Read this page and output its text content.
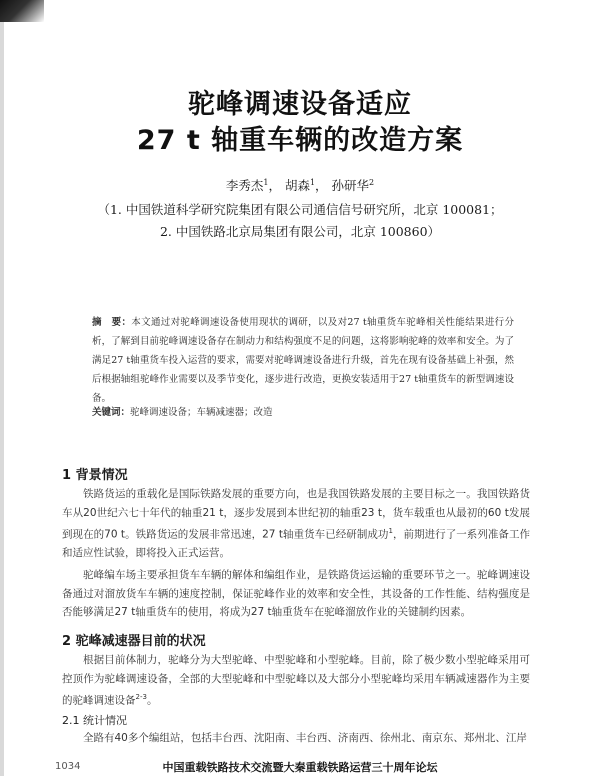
驼峰调速设备适应
27 t 轴重车辆的改造方案
李秀杰$^1$， 胡森$^1$， 孙研华$^2$
（1. 中国铁道科学研究院集团有限公司通信信号研究所，北京 100081；
2. 中国铁路北京局集团有限公司，北京 100860）
摘　要：本文通过对驼峰调速设备使用现状的调研，以及对27 t轴重货车驼峰相关性能结果进行分析，了解到目前驼峰调速设备存在制动力和结构强度不足的问题，这将影响驼峰的效率和安全。为了满足27 t轴重货车投入运营的要求，需要对驼峰调速设备进行升级，首先在现有设备基础上补强，然后根据轴组驼峰作业需要以及季节变化，逐步进行改造，更换安装适用于27 t轴重货车的新型调速设备。
关键词：驼峰调速设备；车辆减速器；改造
1 背景情况
铁路货运的重载化是国际铁路发展的重要方向，也是我国铁路发展的主要目标之一。我国铁路货车从20世纪六七十年代的轴重21 t，逐步发展到本世纪初的轴重23 t，货车载重也从最初的60 t发展到现在的70 t。铁路货运的发展非常迅速，27 t轴重货车已经研制成功$^1$，前期进行了一系列准备工作和适应性试验，即将投入正式运营。
驼峰编车场主要承担货车车辆的解体和编组作业，是铁路货运运输的重要环节之一。驼峰调速设备通过对溜放货车车辆的速度控制，保证驼峰作业的效率和安全性，其设备的工作性能、结构强度是否能够满足27 t轴重货车的使用，将成为27 t轴重货车在驼峰溜放作业的关键制约因素。
2 驼峰减速器目前的状况
根据目前体制力，驼峰分为大型驼峰、中型驼峰和小型驼峰。目前，除了极少数小型驼峰采用可控顶作为驼峰调速设备，全部的大型驼峰和中型驼峰以及大部分小型驼峰均采用车辆减速器作为主要的驼峰调速设备$^{2-3}$。
2.1 统计情况
全路有40多个编组站，包括丰台西、沈阳南、丰台西、济南西、徐州北、南京东、郑州北、江岸
1034	中国重载铁路技术交流暨大秦重载铁路运营三十周年论坛
